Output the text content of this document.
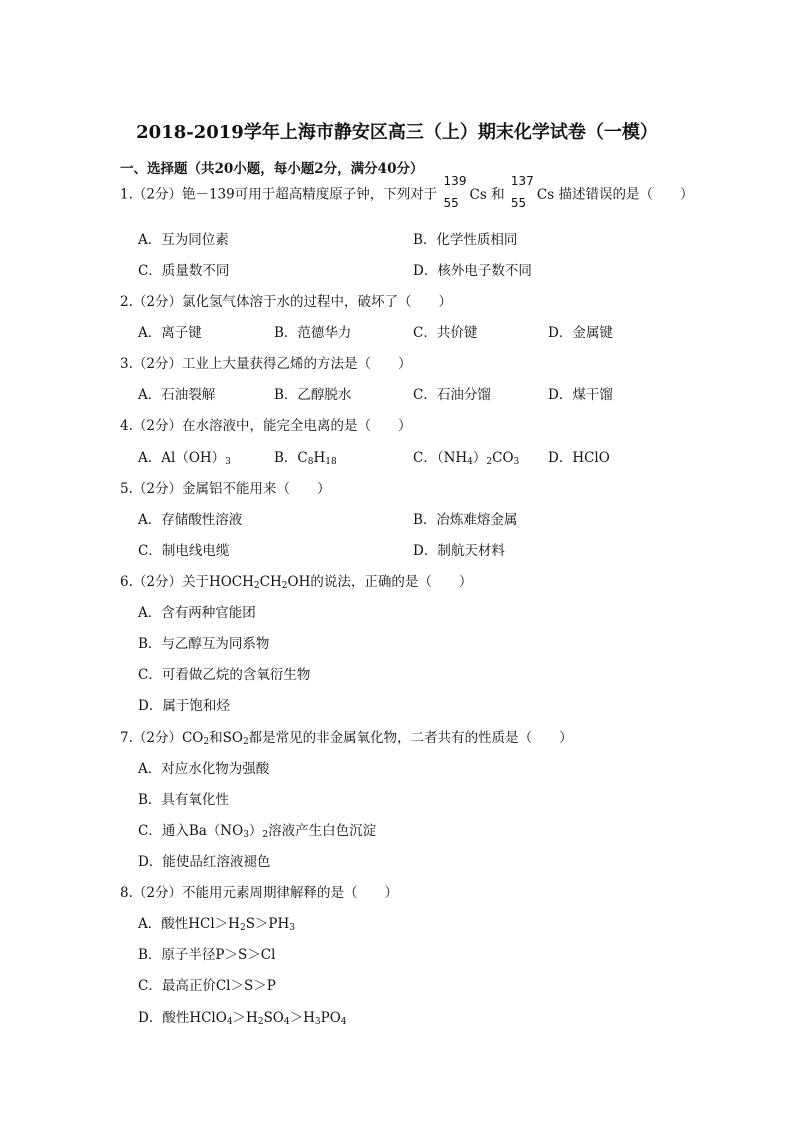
2018-2019学年上海市静安区高三（上）期末化学试卷（一模）
一、选择题（共20小题，每小题2分，满分40分）
1.（2分）铯－139可用于超高精度原子钟，下列对于
139
55 Cs 和
137
55 Cs 描述错误的是（　　）
A．互为同位素	B．化学性质相同
C．质量数不同	D．核外电子数不同
2.（2分）氯化氢气体溶于水的过程中，破坏了（　　）
A．离子键	B．范德华力	C．共价键	D．金属键
3.（2分）工业上大量获得乙烯的方法是（　　）
A．石油裂解	B．乙醇脱水	C．石油分馏	D．煤干馏
4.（2分）在水溶液中，能完全电离的是（　　）
A．$Al(OH)_3$	B．$C_8H_{18}$	C．$(NH_4)_2CO_3$ D．HClO
5.（2分）金属铝不能用来（　　）
A．存储酸性溶液	B．冶炼难熔金属
C．制电线电缆	D．制航天材料
6.（2分）关于$HOCH_2CH_2OH$的说法，正确的是（　　）
A．含有两种官能团
B．与乙醇互为同系物
C．可看做乙烷的含氧衍生物
D．属于饱和烃
7.（2分）$CO_2$和$SO_2$都是常见的非金属氧化物，二者共有的性质是（　　）
A．对应水化物为强酸
B．具有氧化性
C．通入$Ba(NO_3)_2$溶液产生白色沉淀
D．能使品红溶液褪色
8.（2分）不能用元素周期律解释的是（　　）
A．酸性$HCl>H_2S>PH_3$
B．原子半径P＞S＞Cl
C．最高正价Cl＞S＞P
D．酸性$HClO_4>H_2SO_4>H_3PO_4$
